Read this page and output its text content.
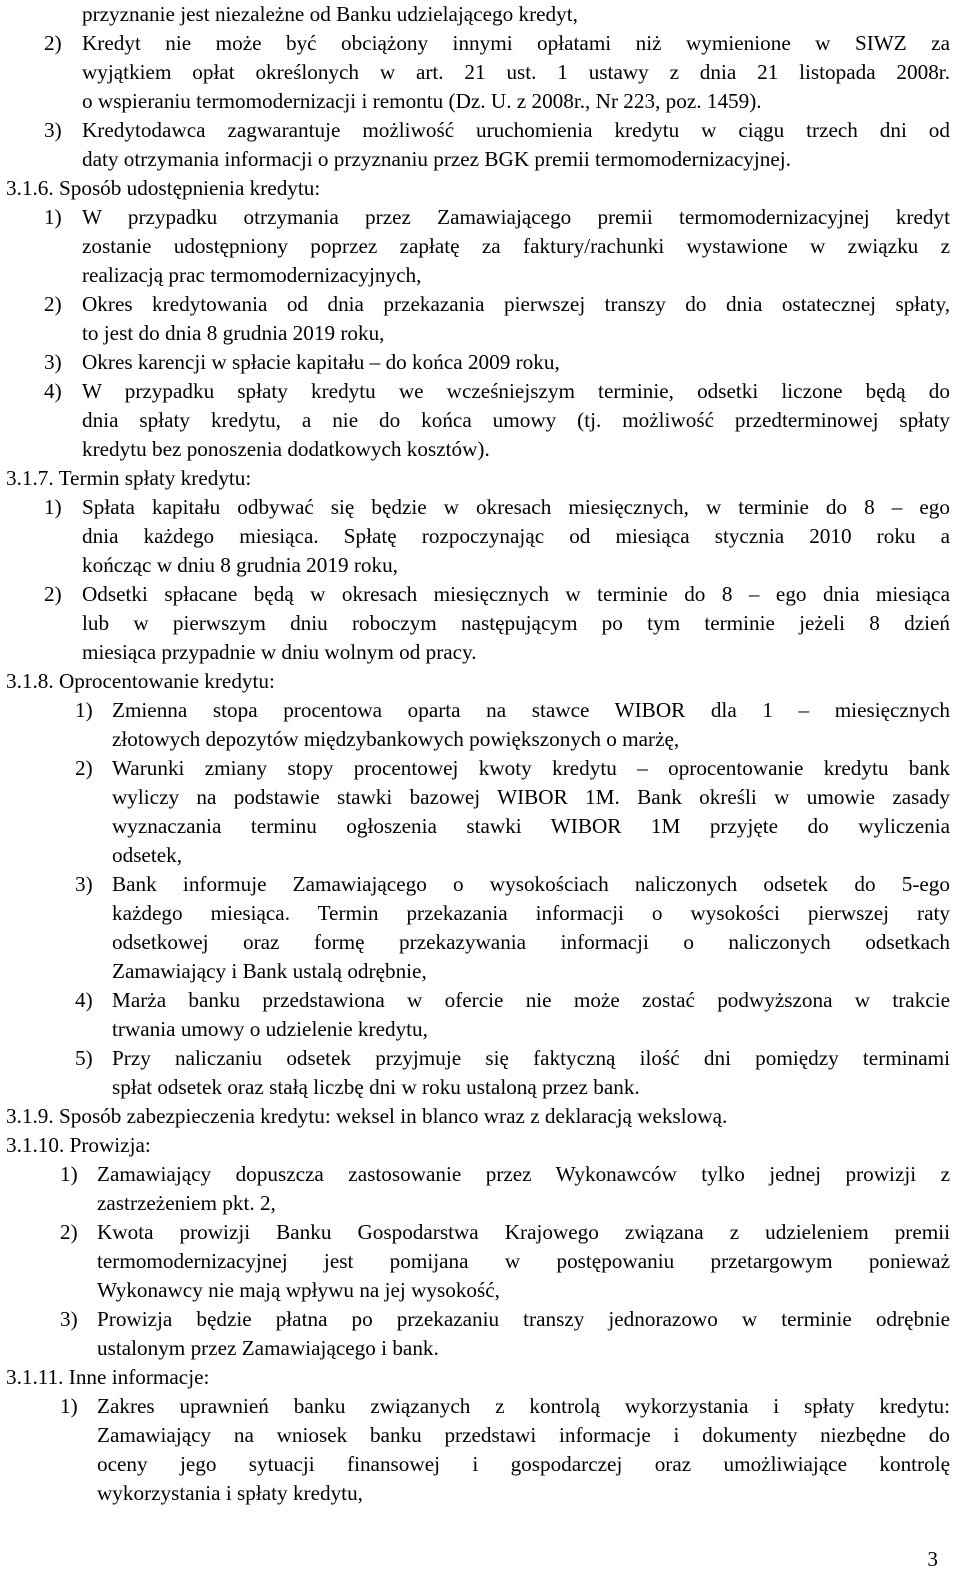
przyznanie jest niezależne od Banku udzielającego kredyt,
2) Kredyt nie może być obciążony innymi opłatami niż wymienione w SIWZ za
wyjątkiem opłat określonych w art. 21 ust. 1 ustawy z dnia 21 listopada 2008r.
o wspieraniu termomodernizacji i remontu (Dz. U. z 2008r., Nr 223, poz. 1459).
3) Kredytodawca zagwarantuje możliwość uruchomienia kredytu w ciągu trzech dni od
daty otrzymania informacji o przyznaniu przez BGK premii termomodernizacyjnej.
3.1.6. Sposób udostępnienia kredytu:
1) W przypadku otrzymania przez Zamawiającego premii termomodernizacyjnej kredyt
zostanie udostępniony poprzez zapłatę za faktury/rachunki wystawione w związku z
realizacją prac termomodernizacyjnych,
2) Okres kredytowania od dnia przekazania pierwszej transzy do dnia ostatecznej spłaty,
to jest do dnia 8 grudnia 2019 roku,
3) Okres karencji w spłacie kapitału – do końca 2009 roku,
4) W przypadku spłaty kredytu we wcześniejszym terminie, odsetki liczone będą do
dnia spłaty kredytu, a nie do końca umowy (tj. możliwość przedterminowej spłaty
kredytu bez ponoszenia dodatkowych kosztów).
3.1.7. Termin spłaty kredytu:
1) Spłata kapitału odbywać się będzie w okresach miesięcznych, w terminie do 8 – ego
dnia każdego miesiąca. Spłatę rozpoczynając od miesiąca stycznia 2010 roku a
kończąc w dniu 8 grudnia 2019 roku,
2) Odsetki spłacane będą w okresach miesięcznych w terminie do 8 – ego dnia miesiąca
lub w pierwszym dniu roboczym następującym po tym terminie jeżeli 8 dzień
miesiąca przypadnie w dniu wolnym od pracy.
3.1.8. Oprocentowanie kredytu:
1) Zmienna stopa procentowa oparta na stawce WIBOR dla 1 – miesięcznych
złotowych depozytów międzybankowych powiększonych o marżę,
2) Warunki zmiany stopy procentowej kwoty kredytu – oprocentowanie kredytu bank
wyliczy na podstawie stawki bazowej WIBOR 1M. Bank określi w umowie zasady
wyznaczania terminu ogłoszenia stawki WIBOR 1M przyjęte do wyliczenia
odsetek,
3) Bank informuje Zamawiającego o wysokościach naliczonych odsetek do 5-ego
każdego miesiąca. Termin przekazania informacji o wysokości pierwszej raty
odsetkowej oraz formę przekazywania informacji o naliczonych odsetkach
Zamawiający i Bank ustalą odrębnie,
4) Marża banku przedstawiona w ofercie nie może zostać podwyższona w trakcie
trwania umowy o udzielenie kredytu,
5) Przy naliczaniu odsetek przyjmuje się faktyczną ilość dni pomiędzy terminami
spłat odsetek oraz stałą liczbę dni w roku ustaloną przez bank.
3.1.9. Sposób zabezpieczenia kredytu: weksel in blanco wraz z deklaracją wekslową.
3.1.10. Prowizja:
1) Zamawiający dopuszcza zastosowanie przez Wykonawców tylko jednej prowizji z
zastrzeżeniem pkt. 2,
2) Kwota prowizji Banku Gospodarstwa Krajowego związana z udzieleniem premii
termomodernizacyjnej jest pomijana w postępowaniu przetargowym ponieważ
Wykonawcy nie mają wpływu na jej wysokość,
3) Prowizja będzie płatna po przekazaniu transzy jednorazowo w terminie odrębnie
ustalonym przez Zamawiającego i bank.
3.1.11. Inne informacje:
1) Zakres uprawnień banku związanych z kontrolą wykorzystania i spłaty kredytu:
Zamawiający na wniosek banku przedstawi informacje i dokumenty niezbędne do
oceny jego sytuacji finansowej i gospodarczej oraz umożliwiające kontrolę
wykorzystania i spłaty kredytu,
3
